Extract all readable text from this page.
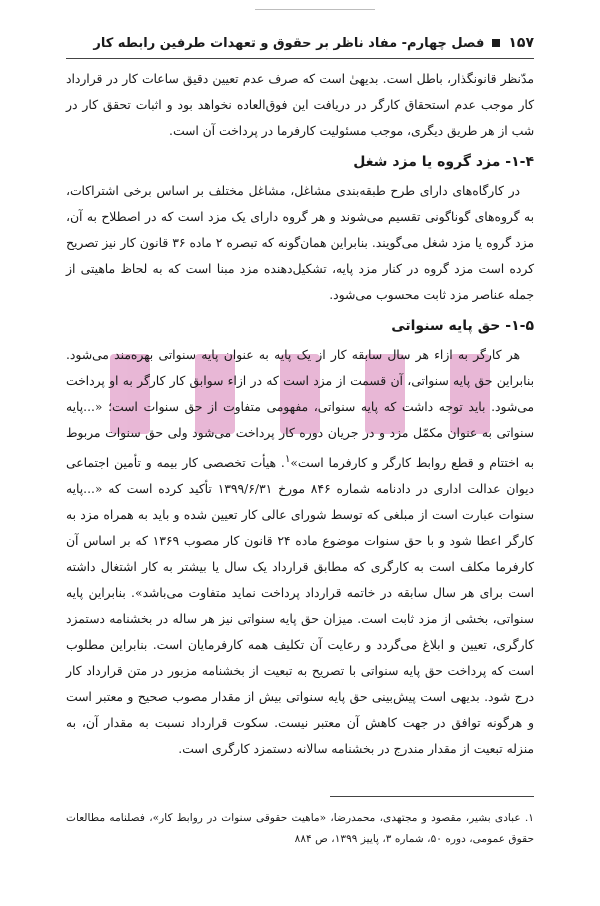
۱۵۷
فصل چهارم- مفاد ناظر بر حقوق و تعهدات طرفین رابطه کار

مدّنظر قانونگذار، باطل است. بدیهیٰ است که صرف عدم تعیین دقیق ساعات کار در قرارداد کار موجب عدم استحقاق کارگر در دریافت این فوق‌العاده نخواهد بود و اثبات تحقق کار در شب از هر طریق دیگری، موجب مسئولیت کارفرما در پرداخت آن است.

۱-۴- مزد گروه یا مزد شغل

در کارگاه‌های دارای طرح طبقه‌بندی مشاغل، مشاغل مختلف بر اساس برخی اشتراکات، به گروه‌های گوناگونی تقسیم می‌شوند و هر گروه دارای یک مزد است که در اصطلاح به آن، مزد گروه یا مزد شغل می‌گویند. بنابراین همان‌گونه که تبصره ۲ ماده ۳۶ قانون کار نیز تصریح کرده است مزد گروه در کنار مزد پایه، تشکیل‌دهنده مزد مبنا است که به لحاظ ماهیتی از جمله عناصر مزد ثابت محسوب می‌شود.

۱-۵- حق پایه سنواتی

هر کارگر به ازاء هر سال سابقه کار از یک پایه به عنوان پایه سنواتی بهره‌مند می‌شود. بنابراین حق پایه سنواتی، آن قسمت از مزد است که در ازاء سوابق کار کارگر به او پرداخت می‌شود. باید توجه داشت که پایه سنواتی، مفهومی متفاوت از حق سنوات است؛ «...پایه سنواتی به عنوان مکمّل مزد و در جریان دوره کار پرداخت می‌شود ولی حق سنوات مربوط به اختتام و قطع روابط کارگر و کارفرما است»$^۱$. هیأت تخصصی کار بیمه و تأمین اجتماعی دیوان عدالت اداری در دادنامه شماره ۸۴۶ مورخ ۱۳۹۹/۶/۳۱ تأکید کرده است که «...پایه سنوات عبارت است از مبلغی که توسط شورای عالی کار تعیین شده و باید به همراه مزد به کارگر اعطا شود و با حق سنوات موضوع ماده ۲۴ قانون کار مصوب ۱۳۶۹ که بر اساس آن کارفرما مکلف است به کارگری که مطابق قرارداد یک سال یا بیشتر به کار اشتغال داشته است برای هر سال سابقه در خاتمه قرارداد پرداخت نماید متفاوت می‌باشد». بنابراین پایه سنواتی، بخشی از مزد ثابت است. میزان حق پایه سنواتی نیز هر ساله در بخشنامه دستمزد کارگری، تعیین و ابلاغ می‌گردد و رعایت آن تکلیف همه کارفرمایان است. بنابراین مطلوب است که پرداخت حق پایه سنواتی با تصریح به تبعیت از بخشنامه مزبور در متن قرارداد کار درج شود. بدیهی است پیش‌بینی حق پایه سنواتی بیش از مقدار مصوب صحیح و معتبر است و هرگونه توافق در جهت کاهش آن معتبر نیست. سکوت قرارداد نسبت به مقدار آن، به منزله تبعیت از مقدار مندرج در بخشنامه سالانه دستمزد کارگری است.

۱. عبادی بشیر، مقصود و مجتهدی، محمدرضا، «ماهیت حقوقی سنوات در روابط کار»، فصلنامه مطالعات حقوق عمومی، دوره ۵۰، شماره ۳، پاییز ۱۳۹۹، ص ۸۸۴
